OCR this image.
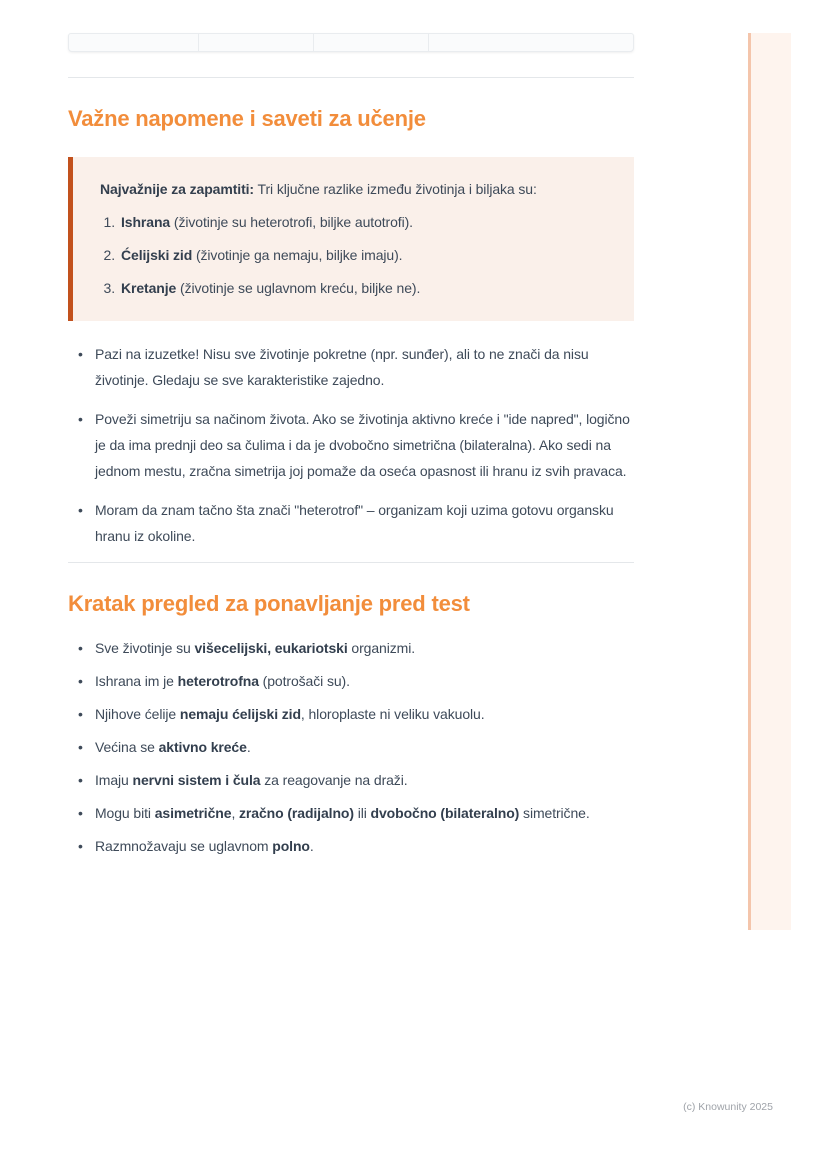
Važne napomene i saveti za učenje

Najvažnije za zapamtiti: Tri ključne razlike između životinja i biljaka su:

1. Ishrana (životinje su heterotrofi, biljke autotrofi).
2. Ćelijski zid (životinje ga nemaju, biljke imaju).
3. Kretanje (životinje se uglavnom kreću, biljke ne).
• Pazi na izuzetke! Nisu sve životinje pokretne (npr. sunđer), ali to ne znači da nisu životinje. Gledaju se sve karakteristike zajedno.
• Poveži simetriju sa načinom života. Ako se životinja aktivno kreće i "ide napred", logično je da ima prednji deo sa čulima i da je dvobočno simetrična (bilateralna). Ako sedi na jednom mestu, zračna simetrija joj pomaže da oseća opasnost ili hranu iz svih pravaca.
• Moram da znam tačno šta znači "heterotrof" – organizam koji uzima gotovu organsku hranu iz okoline.
Kratak pregled za ponavljanje pred test
• Sve životinje su višecelijski, eukariotski organizmi.
• Ishrana im je heterotrofna (potrošači su).
• Njihove ćelije nemaju ćelijski zid, hloroplaste ni veliku vakuolu.
• Većina se aktivno kreće.
• Imaju nervni sistem i čula za reagovanje na draži.
• Mogu biti asimetrične, zračno (radijalno) ili dvobočno (bilateralno) simetrične.
• Razmnožavaju se uglavnom polno.
(c) Knowunity 2025
